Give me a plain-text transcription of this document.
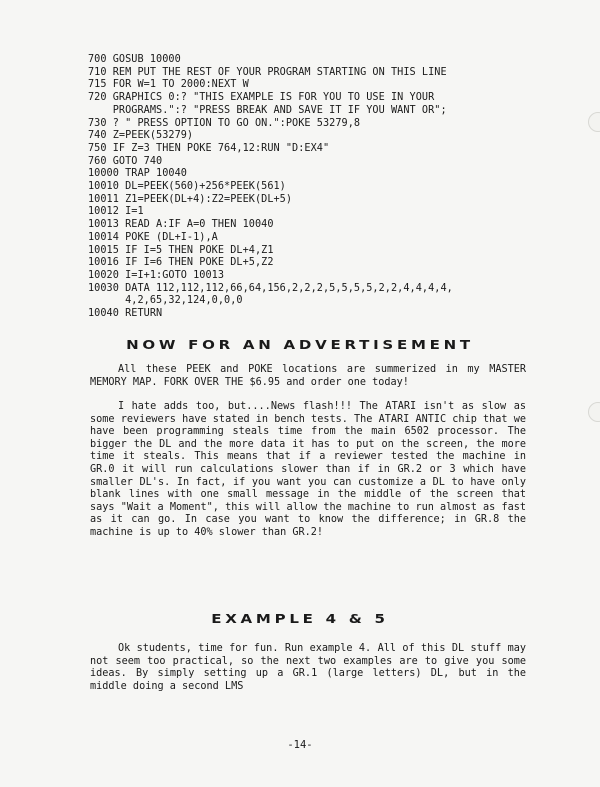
700 GOSUB 10000
710 REM PUT THE REST OF YOUR PROGRAM STARTING ON THIS LINE
715 FOR W=1 TO 2000:NEXT W
720 GRAPHICS 0:? "THIS EXAMPLE IS FOR YOU TO USE IN YOUR
PROGRAMS.":? "PRESS BREAK AND SAVE IT IF YOU WANT OR";
730 ? " PRESS OPTION TO GO ON.":POKE 53279,8
740 Z=PEEK(53279)
750 IF Z=3 THEN POKE 764,12:RUN "D:EX4"
760 GOTO 740
10000 TRAP 10040
10010 DL=PEEK(560)+256*PEEK(561)
10011 Z1=PEEK(DL+4):Z2=PEEK(DL+5)
10012 I=1
10013 READ A:IF A=0 THEN 10040
10014 POKE (DL+I-1),A
10015 IF I=5 THEN POKE DL+4,Z1
10016 IF I=6 THEN POKE DL+5,Z2
10020 I=I+1:GOTO 10013
10030 DATA 112,112,112,66,64,156,2,2,2,5,5,5,5,2,2,4,4,4,4,
4,2,65,32,124,0,0,0
10040 RETURN
NOW FOR AN ADVERTISEMENT

All these PEEK and POKE locations are summerized in my MASTER MEMORY MAP. FORK OVER THE $6.95 and order one today!

I hate adds too, but....News flash!!! The ATARI isn't as slow as some reviewers have stated in bench tests. The ATARI ANTIC chip that we have been programming steals time from the main 6502 processor. The bigger the DL and the more data it has to put on the screen, the more time it steals. This means that if a reviewer tested the machine in GR.0 it will run calculations slower than if in GR.2 or 3 which have smaller DL's. In fact, if you want you can customize a DL to have only blank lines with one small message in the middle of the screen that says "Wait a Moment", this will allow the machine to run almost as fast as it can go. In case you want to know the difference; in GR.8 the machine is up to 40% slower than GR.2!

EXAMPLE 4 & 5

Ok students, time for fun. Run example 4. All of this DL stuff may not seem too practical, so the next two examples are to give you some ideas. By simply setting up a GR.1 (large letters) DL, but in the middle doing a second LMS

-14-
